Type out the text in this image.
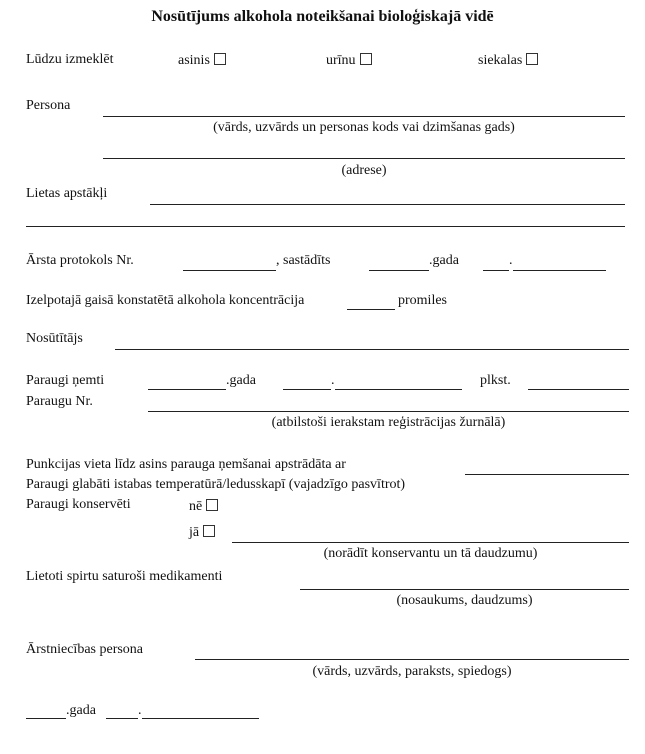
Nosūtījums alkohola noteikšanai bioloģiskajā vidē
Lūdzu izmeklēt	asinis	urīnu	siekalas
Persona
(vārds, uzvārds un personas kods vai dzimšanas gads)
(adrese)
Lietas apstākļi
Ārsta protokols Nr.	, sastādīts	.gada	.
Izelpotajā gaisā konstatētā alkohola koncentrācija	promiles
Nosūtītājs
Paraugi ņemti	.gada	.	plkst.
Paraugu Nr.
(atbilstoši ierakstam reģistrācijas žurnālā)
Punkcijas vieta līdz asins parauga ņemšanai apstrādāta ar
Paraugi glabāti istabas temperatūrā/ledusskapī (vajadzīgo pasvītrot)
Paraugi konservēti	nē
jā
(norādīt konservantu un tā daudzumu)
Lietoti spirtu saturoši medikamenti
(nosaukums, daudzums)
Ārstniecības persona
(vārds, uzvārds, paraksts, spiedogs)
.gada	.
